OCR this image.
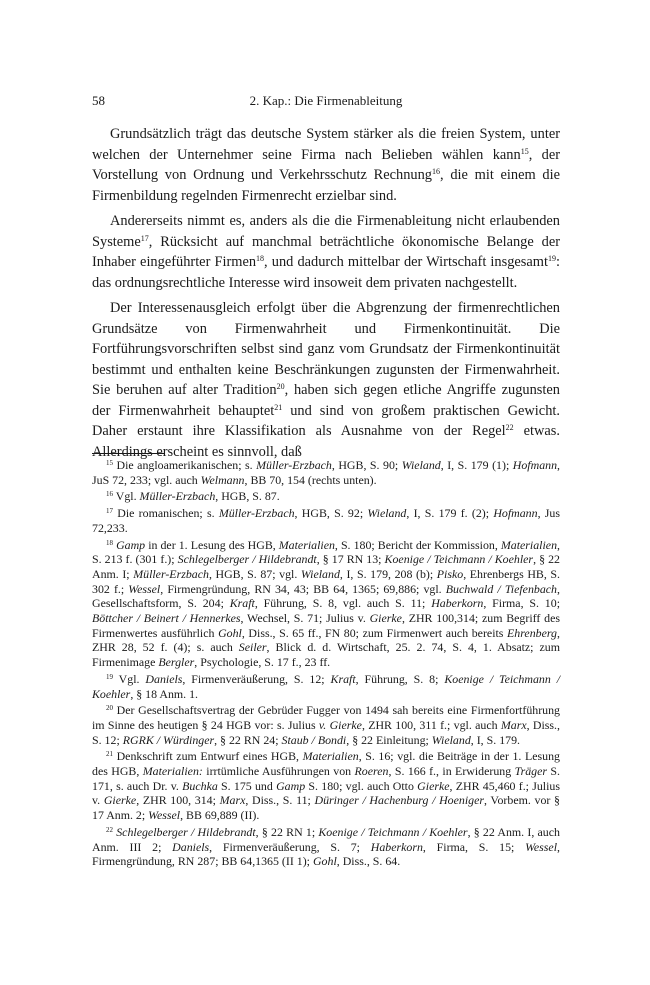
58	2. Kap.: Die Firmenableitung

Grundsätzlich trägt das deutsche System stärker als die freien System, unter welchen der Unternehmer seine Firma nach Belieben wählen kann$^{15}$, der Vorstellung von Ordnung und Verkehrsschutz Rechnung$^{16}$, die mit einem die Firmenbildung regelnden Firmenrecht erzielbar sind.

Andererseits nimmt es, anders als die die Firmenableitung nicht erlaubenden Systeme$^{17}$, Rücksicht auf manchmal beträchtliche ökonomische Belange der Inhaber eingeführter Firmen$^{18}$, und dadurch mittelbar der Wirtschaft insgesamt$^{19}$: das ordnungsrechtliche Interesse wird insoweit dem privaten nachgestellt.

Der Interessenausgleich erfolgt über die Abgrenzung der firmenrechtlichen Grundsätze von Firmenwahrheit und Firmenkontinuität. Die Fortführungsvorschriften selbst sind ganz vom Grundsatz der Firmenkontinuität bestimmt und enthalten keine Beschränkungen zugunsten der Firmenwahrheit. Sie beruhen auf alter Tradition$^{20}$, haben sich gegen etliche Angriffe zugunsten der Firmenwahrheit behauptet$^{21}$ und sind von großem praktischen Gewicht. Daher erstaunt ihre Klassifikation als Ausnahme von der Regel$^{22}$ etwas. Allerdings erscheint es sinnvoll, daß

$^{15}$ Die angloamerikanischen; s. Müller-Erzbach, HGB, S. 90; Wieland, I, S. 179 (1); Hofmann, JuS 72, 233; vgl. auch Welmann, BB 70, 154 (rechts unten).
$^{16}$ Vgl. Müller-Erzbach, HGB, S. 87.
$^{17}$ Die romanischen; s. Müller-Erzbach, HGB, S. 92; Wieland, I, S. 179 f. (2); Hofmann, Jus 72,233.
$^{18}$ Gamp in der 1. Lesung des HGB, Materialien, S. 180; Bericht der Kommission, Materialien, S. 213 f. (301 f.); Schlegelberger / Hildebrandt, § 17 RN 13; Koenige / Teichmann / Koehler, § 22 Anm. I; Müller-Erzbach, HGB, S. 87; vgl. Wieland, I, S. 179, 208 (b); Pisko, Ehrenbergs HB, S. 302 f.; Wessel, Firmengründung, RN 34, 43; BB 64, 1365; 69,886; vgl. Buchwald / Tiefenbach, Gesellschaftsform, S. 204; Kraft, Führung, S. 8, vgl. auch S. 11; Haberkorn, Firma, S. 10; Böttcher / Beinert / Hennerkes, Wechsel, S. 71; Julius v. Gierke, ZHR 100,314; zum Begriff des Firmenwertes ausführlich Gohl, Diss., S. 65 ff., FN 80; zum Firmenwert auch bereits Ehrenberg, ZHR 28, 52 f. (4); s. auch Seiler, Blick d. d. Wirtschaft, 25. 2. 74, S. 4, 1. Absatz; zum Firmenimage Bergler, Psychologie, S. 17 f., 23 ff.
$^{19}$ Vgl. Daniels, Firmenveräußerung, S. 12; Kraft, Führung, S. 8; Koenige / Teichmann / Koehler, § 18 Anm. 1.
$^{20}$ Der Gesellschaftsvertrag der Gebrüder Fugger von 1494 sah bereits eine Firmenfortführung im Sinne des heutigen § 24 HGB vor: s. Julius v. Gierke, ZHR 100, 311 f.; vgl. auch Marx, Diss., S. 12; RGRK / Würdinger, § 22 RN 24; Staub / Bondi, § 22 Einleitung; Wieland, I, S. 179.
$^{21}$ Denkschrift zum Entwurf eines HGB, Materialien, S. 16; vgl. die Beiträge in der 1. Lesung des HGB, Materialien: irrtümliche Ausführungen von Roeren, S. 166 f., in Erwiderung Träger S. 171, s. auch Dr. v. Buchka S. 175 und Gamp S. 180; vgl. auch Otto Gierke, ZHR 45,460 f.; Julius v. Gierke, ZHR 100, 314; Marx, Diss., S. 11; Düringer / Hachenburg / Hoeniger, Vorbem. vor § 17 Anm. 2; Wessel, BB 69,889 (II).
$^{22}$ Schlegelberger / Hildebrandt, § 22 RN 1; Koenige / Teichmann / Koehler, § 22 Anm. I, auch Anm. III 2; Daniels, Firmenveräußerung, S. 7; Haberkorn, Firma, S. 15; Wessel, Firmengründung, RN 287; BB 64,1365 (II 1); Gohl, Diss., S. 64.
